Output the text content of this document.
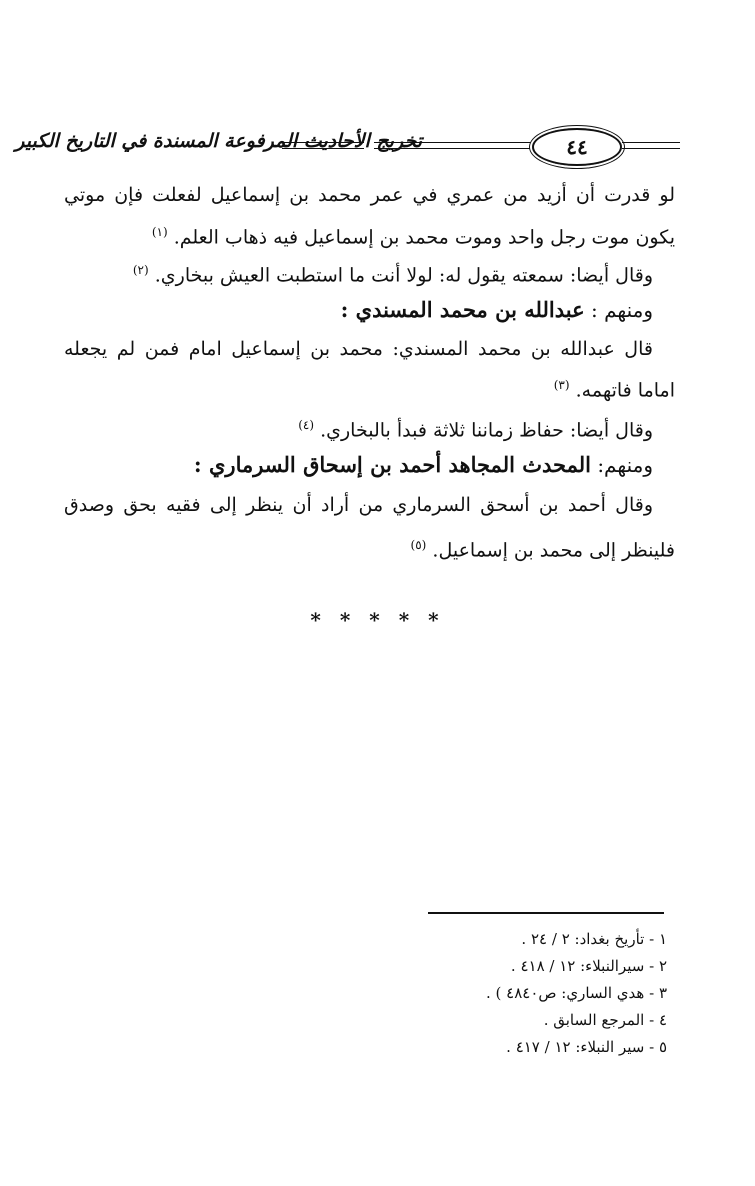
تخريج الأحاديث المرفوعة المسندة في التاريخ الكبير	٤٤
لو قدرت أن أزيد من عمري في عمر محمد بن إسماعيل لفعلت فإن موتي
يكون موت رجل واحد وموت محمد بن إسماعيل فيه ذهاب العلم. $^{(١)}$
وقال أيضا: سمعته يقول له: لولا أنت ما استطبت العيش ببخاري. $^{(٢)}$
ومنهم : عبدالله بن محمد المسندي :
قال عبدالله بن محمد المسندي: محمد بن إسماعيل امام فمن لم يجعله
اماما فاتهمه. $^{(٣)}$
وقال أيضا: حفاظ زماننا ثلاثة فبدأ بالبخاري. $^{(٤)}$
ومنهم: المحدث المجاهد أحمد بن إسحاق السرماري :
وقال أحمد بن أسحق السرماري من أراد أن ينظر إلى فقيه بحق وصدق
فلينظر إلى محمد بن إسماعيل. $^{(٥)}$
* * * * *
١ - تأريخ بغداد: ٢ / ٢٤ .
٢ - سيرالنبلاء: ١٢ / ٤١٨ .
٣ - هدي الساري: ص٤٨٤٠ ) .
٤ - المرجع السابق .
٥ - سير النبلاء: ١٢ / ٤١٧ .
